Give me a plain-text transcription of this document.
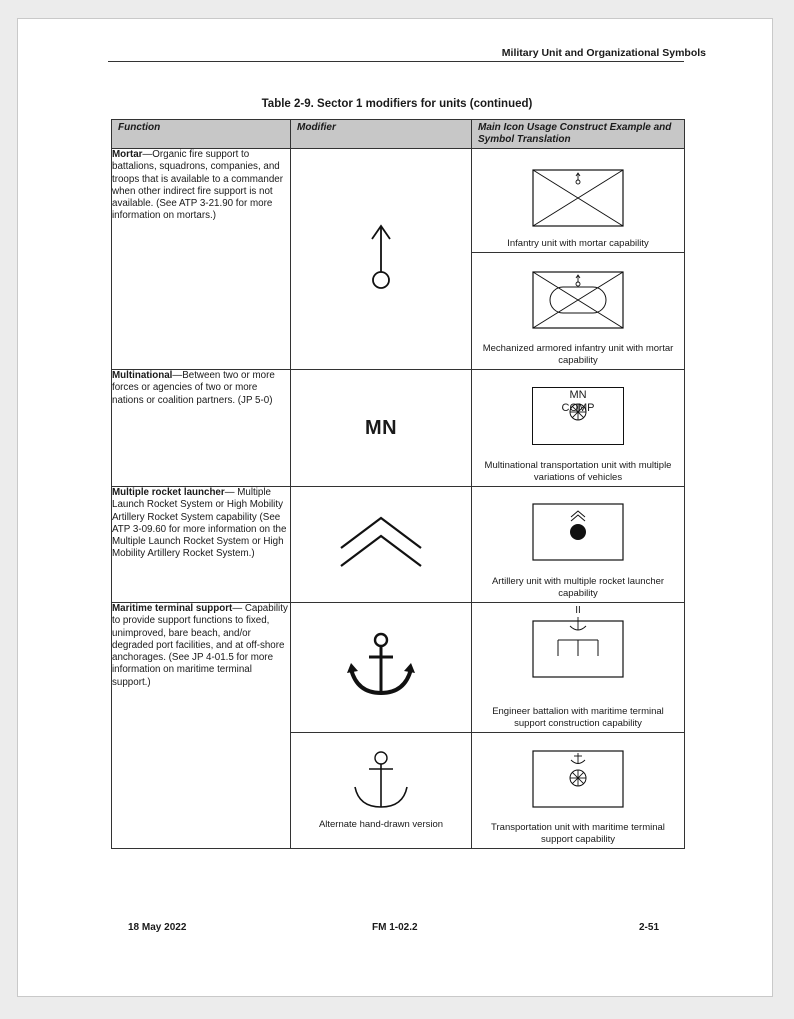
Military Unit and Organizational Symbols
Table 2-9. Sector 1 modifiers for units (continued)
Function	Modifier	Main Icon Usage Construct Example and Symbol Translation
Mortar—Organic fire support to battalions, squadrons, companies, and troops that is available to a commander when other indirect fire support is not available. (See ATP 3-21.90 for more information on mortars.)		Infantry unit with mortar capability

		Mechanized armored infantry unit with mortar capability

Multinational—Between two or more forces or agencies of two or more nations or coalition partners. (JP 5-0)	MN	MN
COMP
Multinational transportation unit with multiple variations of vehicles

Multiple rocket launcher— Multiple Launch Rocket System or High Mobility Artillery Rocket System capability (See ATP 3-09.60 for more information on the Multiple Launch Rocket System or High Mobility Artillery Rocket System.)		Artillery unit with multiple rocket launcher capability

Maritime terminal support— Capability to provide support functions to fixed, unimproved, bare beach, and/or degraded port facilities, and at off-shore anchorages. (See JP 4-01.5 for more information on maritime terminal support.)		II
Engineer battalion with maritime terminal support construction capability

	Alternate hand-drawn version	Transportation unit with maritime terminal support capability
18 May 2022	FM 1-02.2	2-51
